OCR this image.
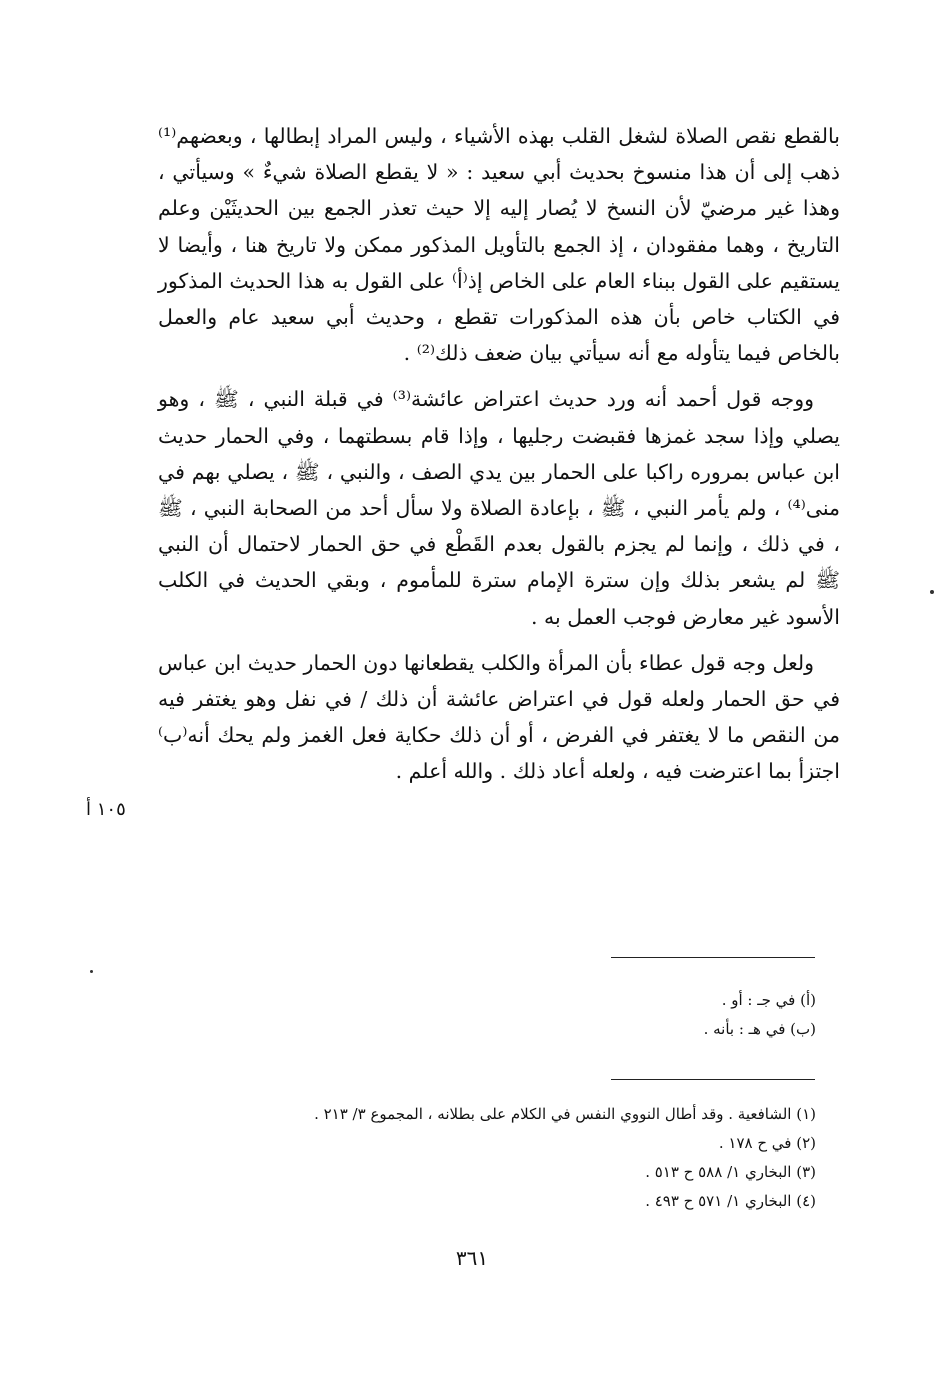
بالقطع نقص الصلاة لشغل القلب بهذه الأشياء ، وليس المراد إبطالها ، وبعضهم⁽¹⁾ ذهب إلى أن هذا منسوخ بحديث أبي سعيد : « لا يقطع الصلاة شيءٌ » وسيأتي ، وهذا غير مرضيّ لأن النسخ لا يُصار إليه إلا حيث تعذر الجمع بين الحديثَيْن وعلم التاريخ ، وهما مفقودان ، إذ الجمع بالتأويل المذكور ممكن ولا تاريخ هنا ، وأيضا لا يستقيم على القول ببناء العام على الخاص إذ⁽أ⁾ على القول به هذا الحديث المذكور في الكتاب خاص بأن هذه المذكورات تقطع ، وحديث أبي سعيد عام والعمل بالخاص فيما يتأوله مع أنه سيأتي بيان ضعف ذلك⁽²⁾ .

ووجه قول أحمد أنه ورد حديث اعتراض عائشة⁽³⁾ في قبلة النبي ، ﷺ ، وهو يصلي وإذا سجد غمزها فقبضت رجليها ، وإذا قام بسطتهما ، وفي الحمار حديث ابن عباس بمروره راكبا على الحمار بين يدي الصف ، والنبي ، ﷺ ، يصلي بهم في منى⁽⁴⁾ ، ولم يأمر النبي ، ﷺ ، بإعادة الصلاة ولا سأل أحد من الصحابة النبي ، ﷺ ، في ذلك ، وإنما لم يجزم بالقول بعدم القَطْع في حق الحمار لاحتمال أن النبي ﷺ لم يشعر بذلك وإن سترة الإمام سترة للمأموم ، وبقي الحديث في الكلب الأسود غير معارض فوجب العمل به .

ولعل وجه قول عطاء بأن المرأة والكلب يقطعانها دون الحمار حديث ابن عباس في حق الحمار ولعله قول في اعتراض عائشة أن ذلك / في نفل وهو يغتفر فيه من النقص ما لا يغتفر في الفرض ، أو أن ذلك حكاية فعل الغمز ولم يحك أنه⁽ب⁾ اجتزأ بما اعترضت فيه ، ولعله أعاد ذلك . والله أعلم .

١٠٥ أ

(أ) في جـ : أو .

(ب) في هـ : بأنه .

(١) الشافعية . وقد أطال النووي النفس في الكلام على بطلانه ، المجموع ٣/ ٢١٣ .

(٢) في ح ١٧٨ .

(٣) البخاري ١/ ٥٨٨ ح ٥١٣ .

(٤) البخاري ١/ ٥٧١ ح ٤٩٣ .

٣٦١
